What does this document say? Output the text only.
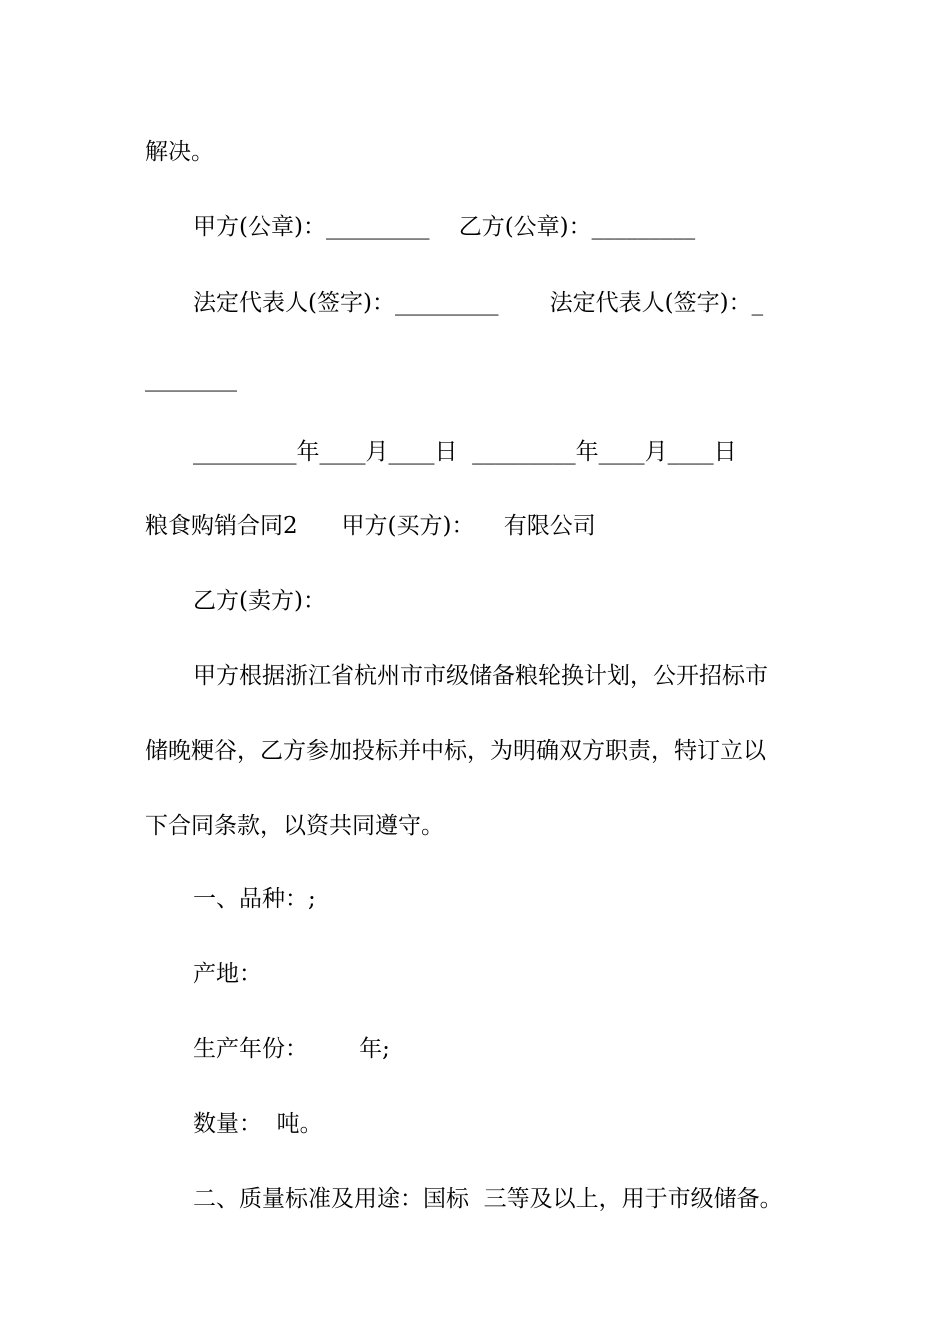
解决。

甲方(公章)：_________    乙方(公章)：_________

法定代表人(签字)：_________       法定代表人(签字)：_

________

_________年____月____日  _________年____月____日

粮食购销合同2      甲方(买方)：    有限公司

乙方(卖方)：

甲方根据浙江省杭州市市级储备粮轮换计划，公开招标市

储晚粳谷，乙方参加投标并中标，为明确双方职责，特订立以

下合同条款，以资共同遵守。

一、品种：;

产地：

生产年份：       年;

数量：  吨。

二、质量标准及用途：国标  三等及以上，用于市级储备。
